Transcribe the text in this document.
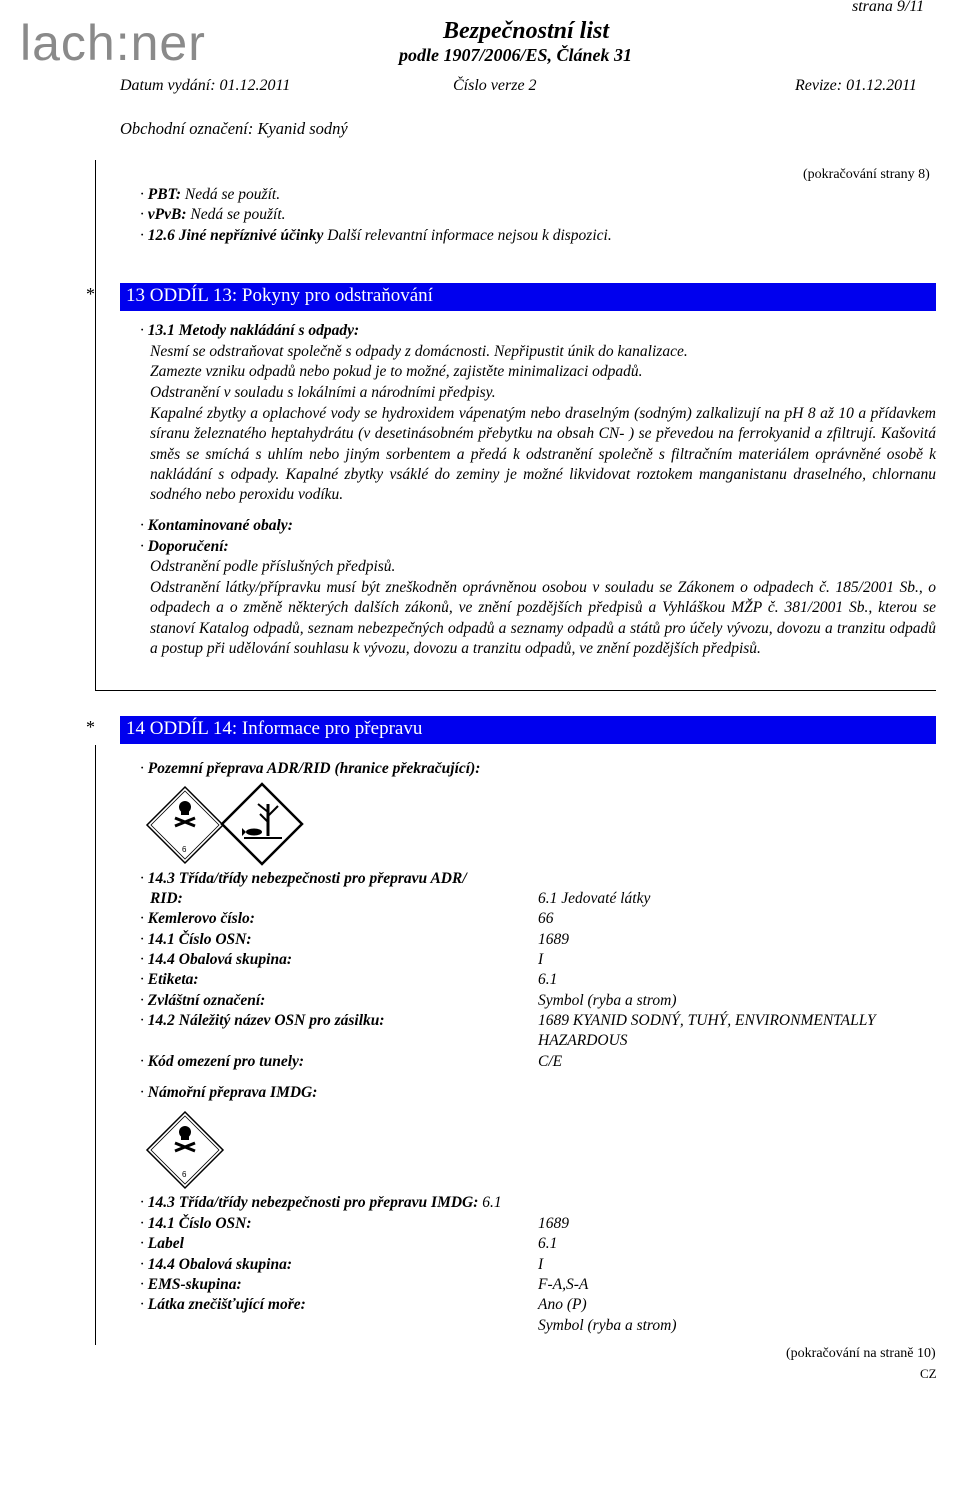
lach:ner
strana 9/11
Bezpečnostní list
podle 1907/2006/ES, Článek 31
Datum vydání: 01.12.2011	Číslo verze 2	Revize: 01.12.2011
Obchodní označení: Kyanid sodný
(pokračování strany 8)
· PBT: Nedá se použít.
· vPvB: Nedá se použít.
· 12.6 Jiné nepříznivé účinky Další relevantní informace nejsou k dispozici.
* 13 ODDÍL 13: Pokyny pro odstraňování
· 13.1 Metody nakládání s odpady:
Nesmí se odstraňovat společně s odpady z domácnosti. Nepřipustit únik do kanalizace.
Zamezte vzniku odpadů nebo pokud je to možné, zajistěte minimalizaci odpadů.
Odstranění v souladu s lokálními a národními předpisy.
Kapalné zbytky a oplachové vody se hydroxidem vápenatým nebo draselným (sodným) zalkalizují na pH 8 až 10 a přídavkem síranu železnatého heptahydrátu (v desetinásobném přebytku na obsah CN- ) se převedou na ferrokyanid a zfiltrují. Kašovitá směs se smíchá s uhlím nebo jiným sorbentem a předá k odstranění společně s filtračním materiálem oprávněné osobě k nakládání s odpady. Kapalné zbytky vsáklé do zeminy je možné likvidovat roztokem manganistanu draselného, chlornanu sodného nebo peroxidu vodíku.
· Kontaminované obaly:
· Doporučení:
Odstranění podle příslušných předpisů.
Odstranění látky/přípravku musí být zneškodněn oprávněnou osobou v souladu se Zákonem o odpadech č. 185/2001 Sb., o odpadech a o změně některých dalších zákonů, ve znění pozdějších předpisů a Vyhláškou MŽP č. 381/2001 Sb., kterou se stanoví Katalog odpadů, seznam nebezpečných odpadů a seznamy odpadů a států pro účely vývozu, dovozu a tranzitu odpadů a postup při udělování souhlasu k vývozu, dovozu a tranzitu odpadů, ve znění pozdějších předpisů.
* 14 ODDÍL 14: Informace pro přepravu
· Pozemní přeprava ADR/RID (hranice překračující):
6
· 14.3 Třída/třídy nebezpečnosti pro přepravu ADR/
RID:	6.1 Jedovaté látky
· Kemlerovo číslo:	66
· 14.1 Číslo OSN:	1689
· 14.4 Obalová skupina:	I
· Etiketa:	6.1
· Zvláštní označení:	Symbol (ryba a strom)
· 14.2 Náležitý název OSN pro zásilku:	1689 KYANID SODNÝ, TUHÝ, ENVIRONMENTALLY
HAZARDOUS
· Kód omezení pro tunely:	C/E
· Námořní přeprava IMDG:
6
· 14.3 Třída/třídy nebezpečnosti pro přepravu IMDG: 6.1
· 14.1 Číslo OSN:	1689
· Label	6.1
· 14.4 Obalová skupina:	I
· EMS-skupina:	F-A,S-A
· Látka znečišťující moře:	Ano (P)
Symbol (ryba a strom)
(pokračování na straně 10)
CZ
